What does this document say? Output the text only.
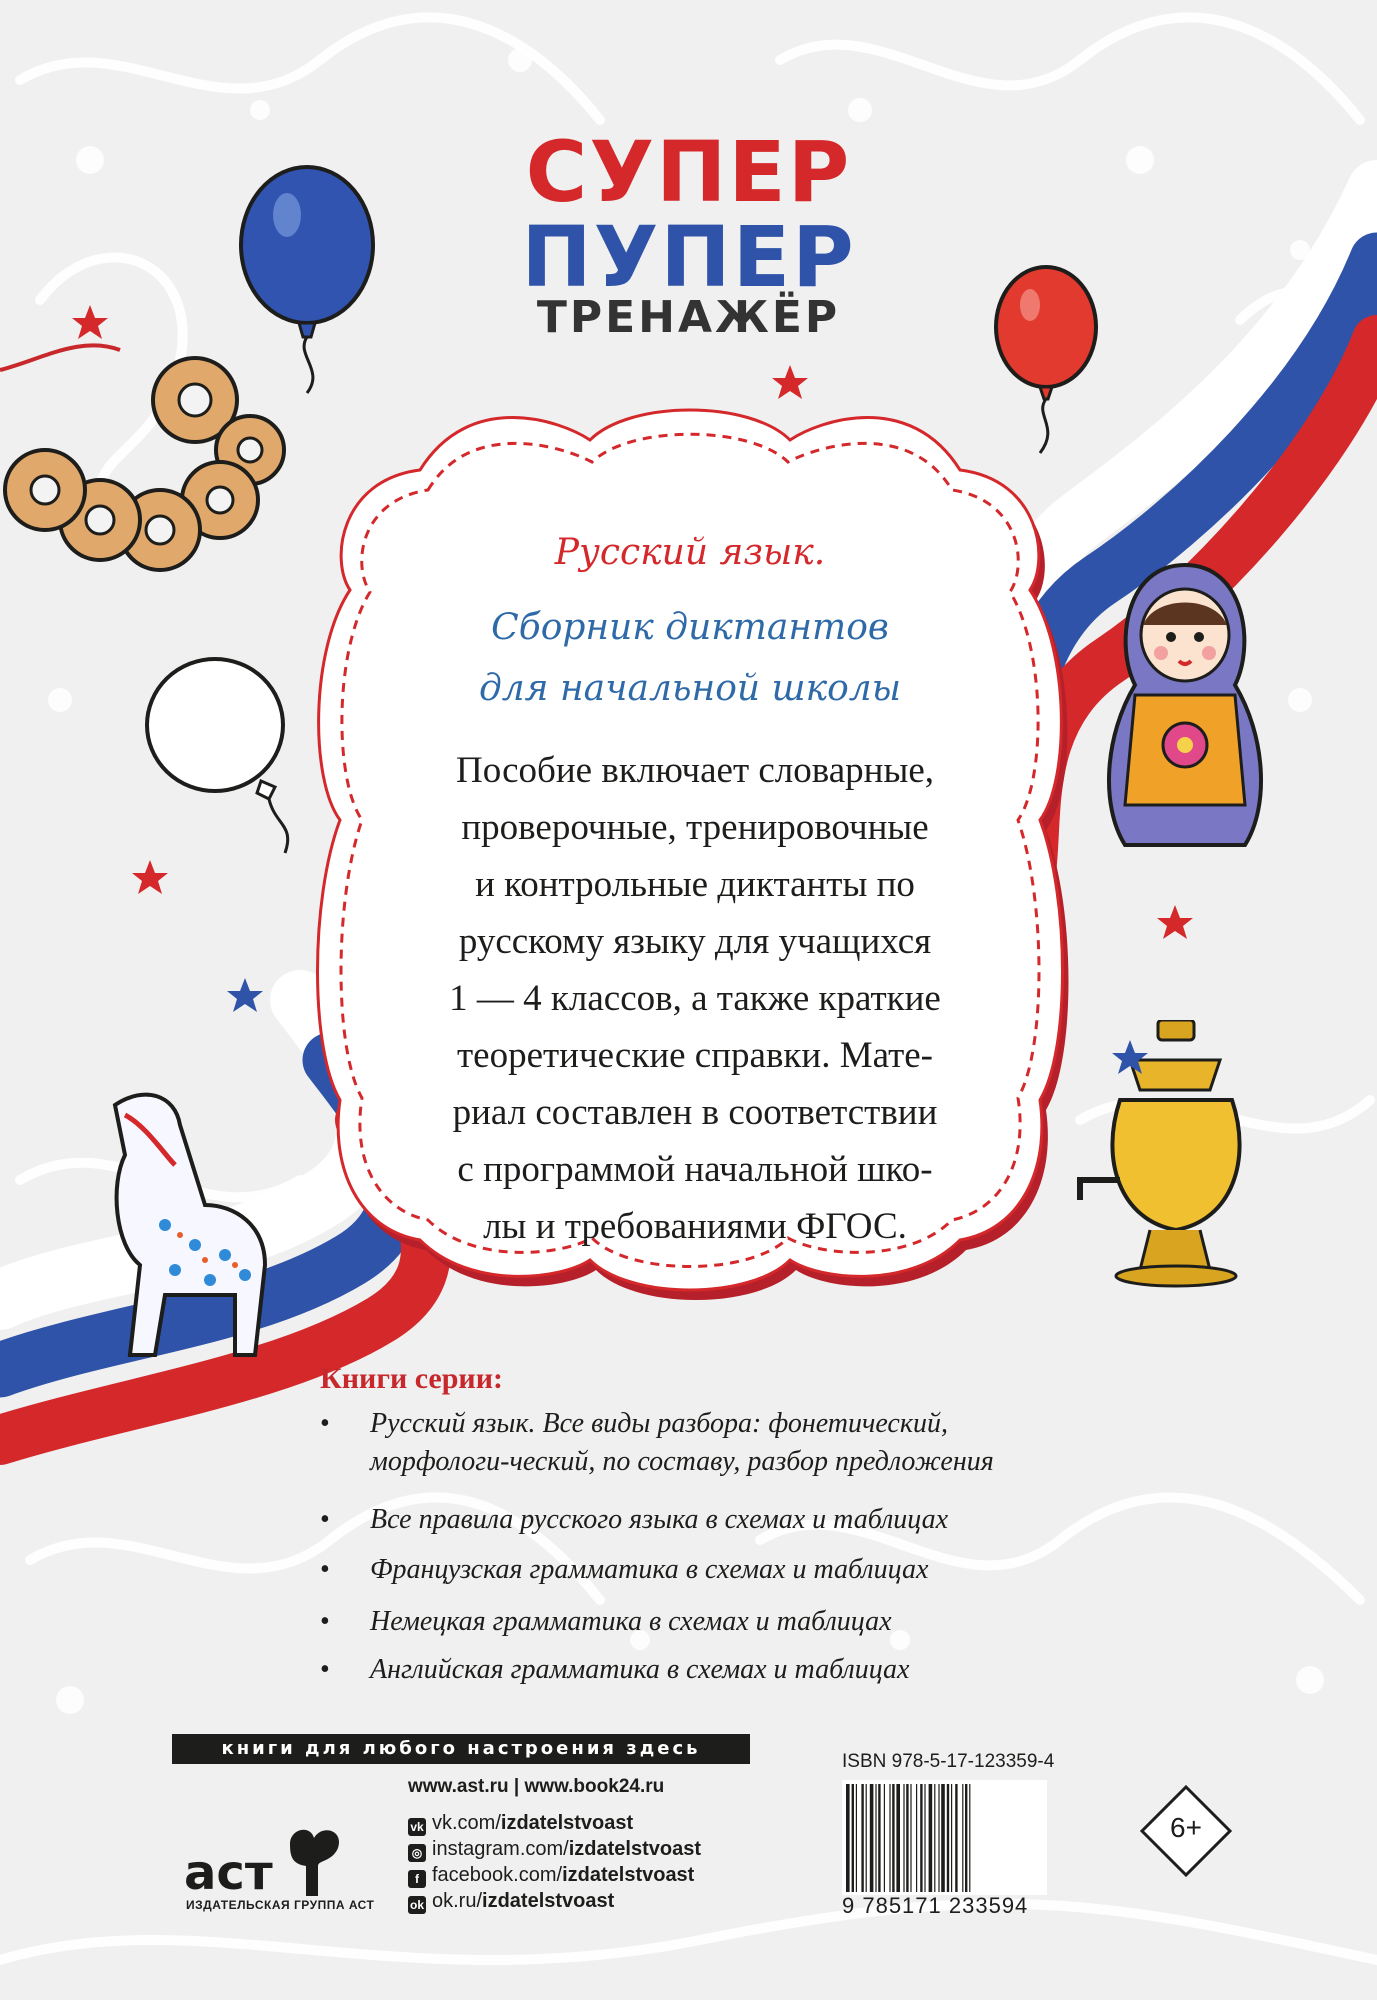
СУПЕР
ПУПЕР
ТРЕНАЖЁР
Русский язык.
Сборник диктантов
для начальной школы

Пособие включает словарные,
проверочные, тренировочные
и контрольные диктанты по
русскому языку для учащихся
1 — 4 классов, а также краткие
теоретические справки. Мате-
риал составлен в соответствии
с программой начальной шко-
лы и требованиями ФГОС.

Книги серии:
• Русский язык. Все виды разбора: фонетический, морфологи-ческий, по составу, разбор предложения
• Все правила русского языка в схемах и таблицах
• Французская грамматика в схемах и таблицах
• Немецкая грамматика в схемах и таблицах
• Английская грамматика в схемах и таблицах
книги для любого настроения здесь
аст
ИЗДАТЕЛЬСКАЯ ГРУППА АСТ
www.ast.ru | www.book24.ru
vk vk.com/izdatelstvoast
◎ instagram.com/izdatelstvoast
f facebook.com/izdatelstvoast
ok ok.ru/izdatelstvoast
ISBN 978-5-17-123359-4
9 785171 233594
6+
